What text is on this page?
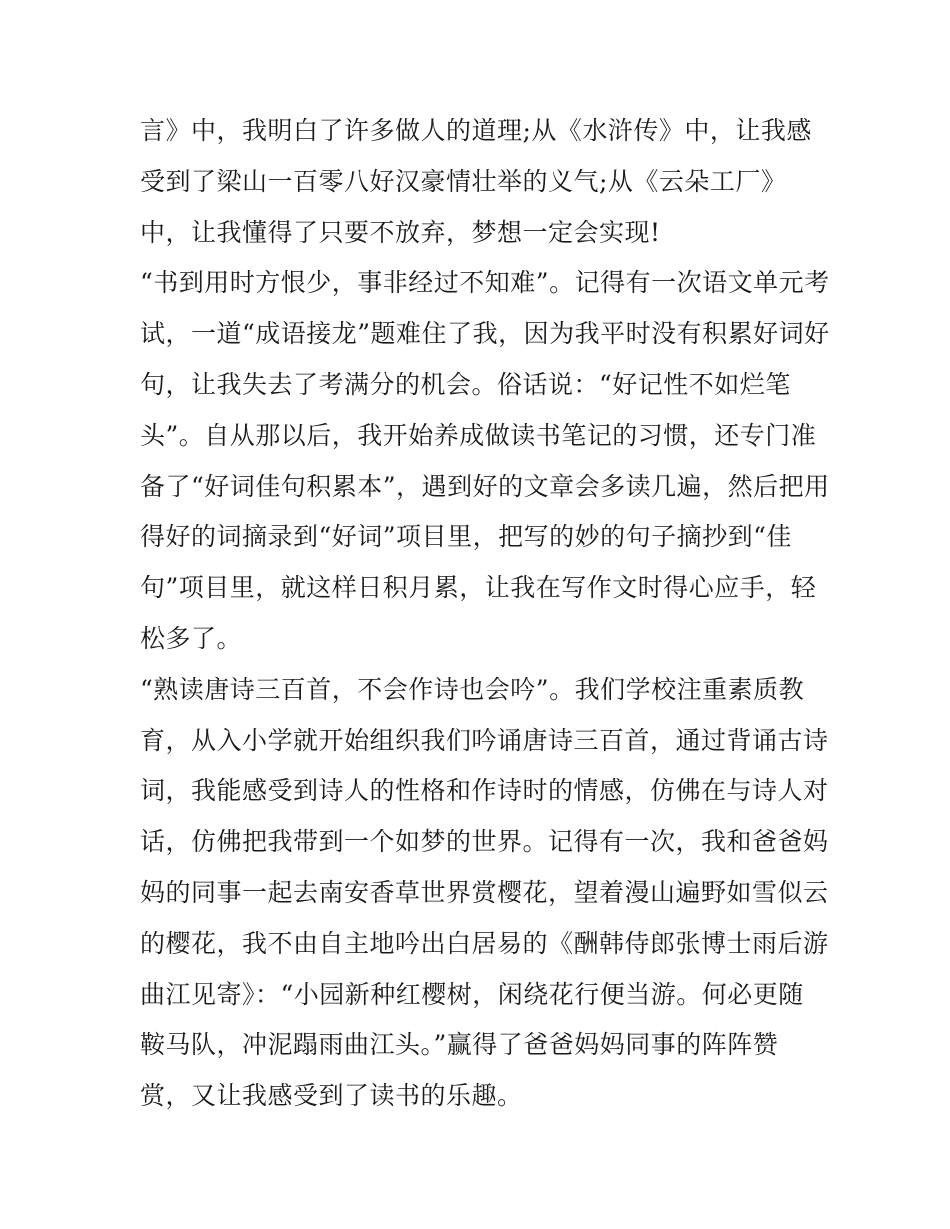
言》中，我明白了许多做人的道理;从《水浒传》中，让我感
受到了梁山一百零八好汉豪情壮举的义气;从《云朵工厂》
中，让我懂得了只要不放弃，梦想一定会实现!
“书到用时方恨少，事非经过不知难”。记得有一次语文单元考
试，一道“成语接龙”题难住了我，因为我平时没有积累好词好
句，让我失去了考满分的机会。俗话说：“好记性不如烂笔
头”。自从那以后，我开始养成做读书笔记的习惯，还专门准
备了“好词佳句积累本”，遇到好的文章会多读几遍，然后把用
得好的词摘录到“好词”项目里，把写的妙的句子摘抄到“佳
句”项目里，就这样日积月累，让我在写作文时得心应手，轻
松多了。
“熟读唐诗三百首，不会作诗也会吟”。我们学校注重素质教
育，从入小学就开始组织我们吟诵唐诗三百首，通过背诵古诗
词，我能感受到诗人的性格和作诗时的情感，仿佛在与诗人对
话，仿佛把我带到一个如梦的世界。记得有一次，我和爸爸妈
妈的同事一起去南安香草世界赏樱花，望着漫山遍野如雪似云
的樱花，我不由自主地吟出白居易的《酬韩侍郎张博士雨后游
曲江见寄》：“小园新种红樱树，闲绕花行便当游。何必更随
鞍马队，冲泥蹋雨曲江头。”赢得了爸爸妈妈同事的阵阵赞
赏，又让我感受到了读书的乐趣。
